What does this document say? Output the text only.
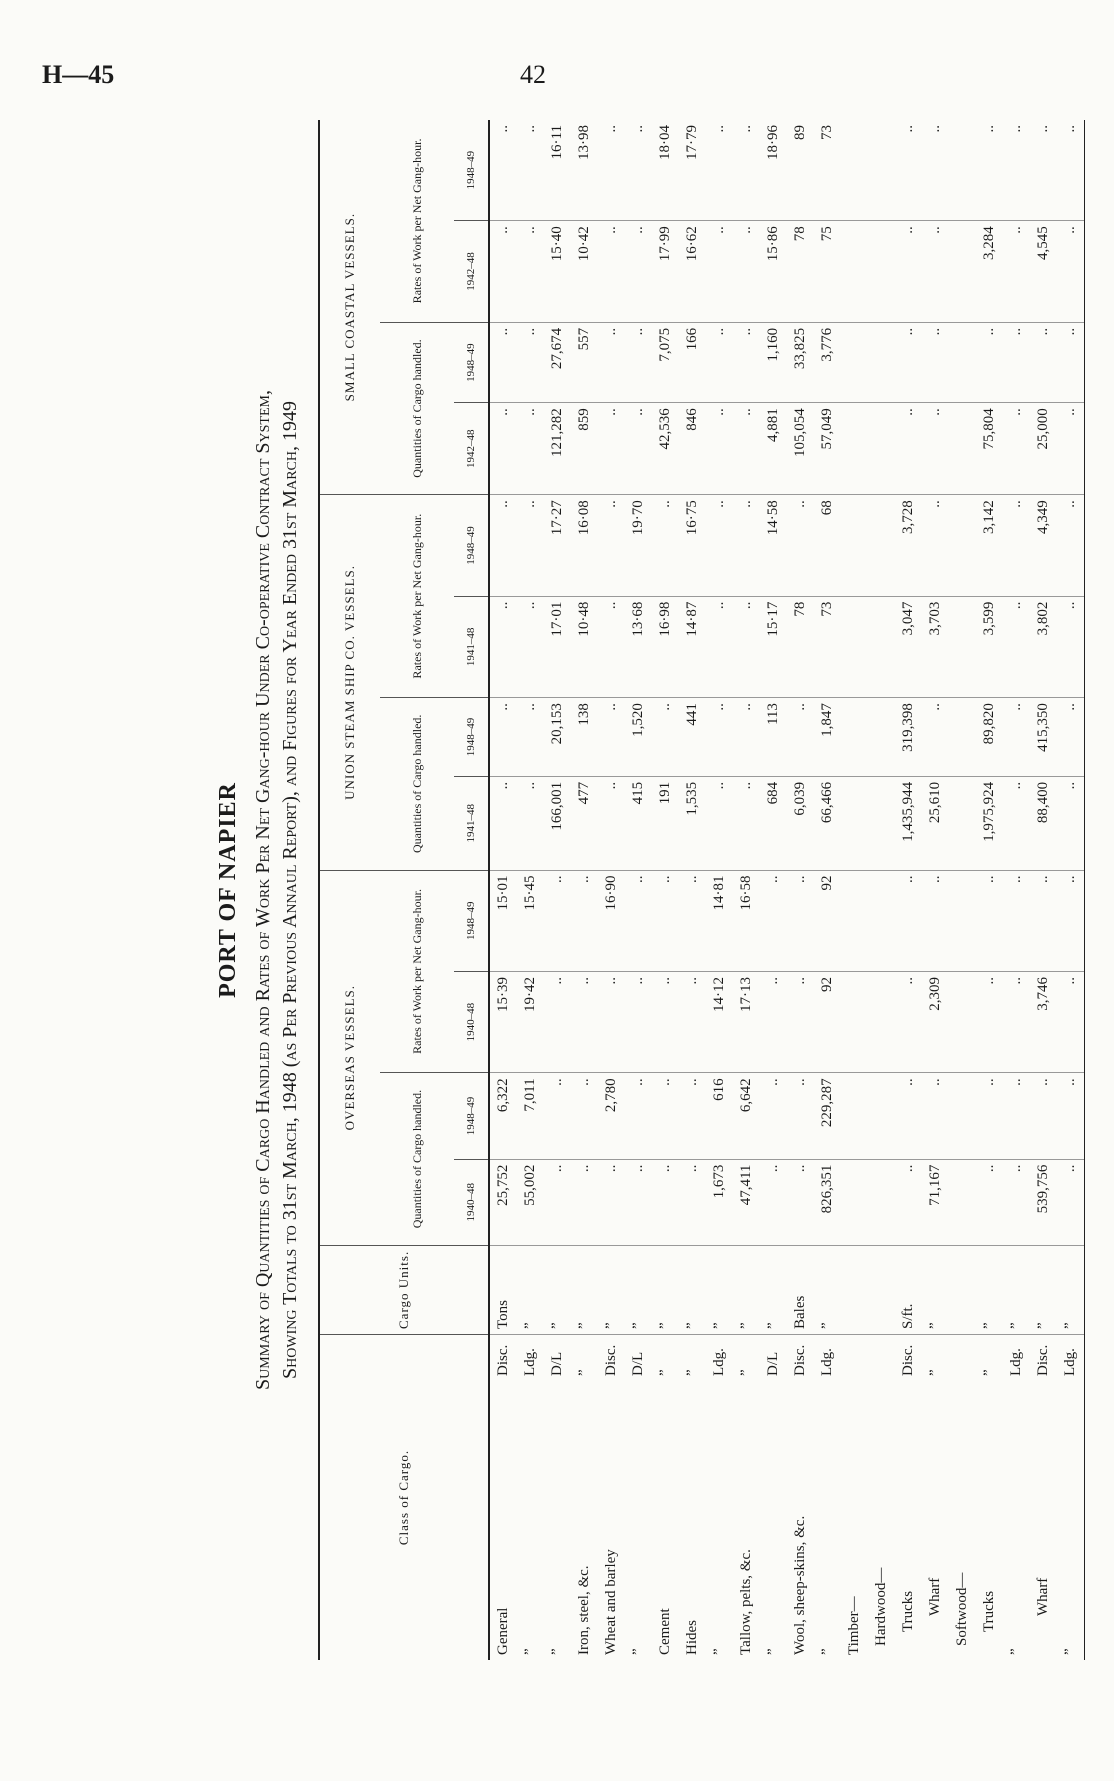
H—45	42
PORT OF NAPIER Summary of Quantities of Cargo Handled and Rates of Work Per Net Gang-hour Under Co-operative Contract System, Showing Totals to 31st March, 1948 (as Per Previous Annaul Report), and Figures for Year Ended 31st March, 1949
Class of Cargo.		Cargo Units.	OVERSEAS VESSELS.				UNION STEAM SHIP CO. VESSELS.				SMALL COASTAL VESSELS.			
			Quantities of Cargo handled.		Rates of Work per Net Gang-hour.		Quantities of Cargo handled.		Rates of Work per Net Gang-hour.		Quantities of Cargo handled.		Rates of Work per Net Gang-hour.	
			1940–48	1948–49	1940–48	1948–49	1941–48	1948–49	1941–48	1948–49	1942–48	1948–49	1942–48	1948–49
General	Disc.	Tons	25,752	6,322	15·39	15·01	..	..	..	..	..	..	..	..
”	Ldg.	”	55,002	7,011	19·42	15·45	..	..	..	..	..	..	..	..
”	D/L	”	..	..	..	..	166,001	20,153	17·01	17·27	121,282	27,674	15·40	16·11
Iron, steel, &c.	”	”	..	..	..	..	477	138	10·48	16·08	859	557	10·42	13·98
Wheat and barley	Disc.	”	..	2,780	..	16·90	..	..	..	..	..	..	..	..
”	D/L	”	..	..	..	..	415	1,520	13·68	19·70	..	..	..	..
Cement	”	”	..	..	..	..	191	..	16·98	..	42,536	7,075	17·99	18·04
Hides	”	”	..	..	..	..	1,535	441	14·87	16·75	846	166	16·62	17·79
”	Ldg.	”	1,673	616	14·12	14·81	..	..	..	..	..	..	..	..
Tallow, pelts, &c.	”	”	47,411	6,642	17·13	16·58	..	..	..	..	..	..	..	..
”	D/L	”	..	..	..	..	684	113	15·17	14·58	4,881	1,160	15·86	18·96
Wool, sheep-skins, &c.	Disc.	Bales	..	..	..	..	6,039	..	78	..	105,054	33,825	78	89
”	Ldg.	”	826,351	229,287	92	92	66,466	1,847	73	68	57,049	3,776	75	73
Timber—														
Hardwood—														
Trucks	Disc.	S/ft.	..	..	..	..	1,435,944	319,398	3,047	3,728	..	..	..	..
Wharf	”	”	71,167	..	2,309	..	25,610	..	3,703	..	..	..	..	..
Softwood—														
Trucks	”	”	..	..	..	..	1,975,924	89,820	3,599	3,142	75,804	..	3,284	..
”	Ldg.	”	..	..	..	..	..	..	..	..	..	..	..	..
Wharf	Disc.	”	539,756	..	3,746	..	88,400	415,350	3,802	4,349	25,000	..	4,545	..
”	Ldg.	”	..	..	..	..	..	..	..	..	..	..	..	..
